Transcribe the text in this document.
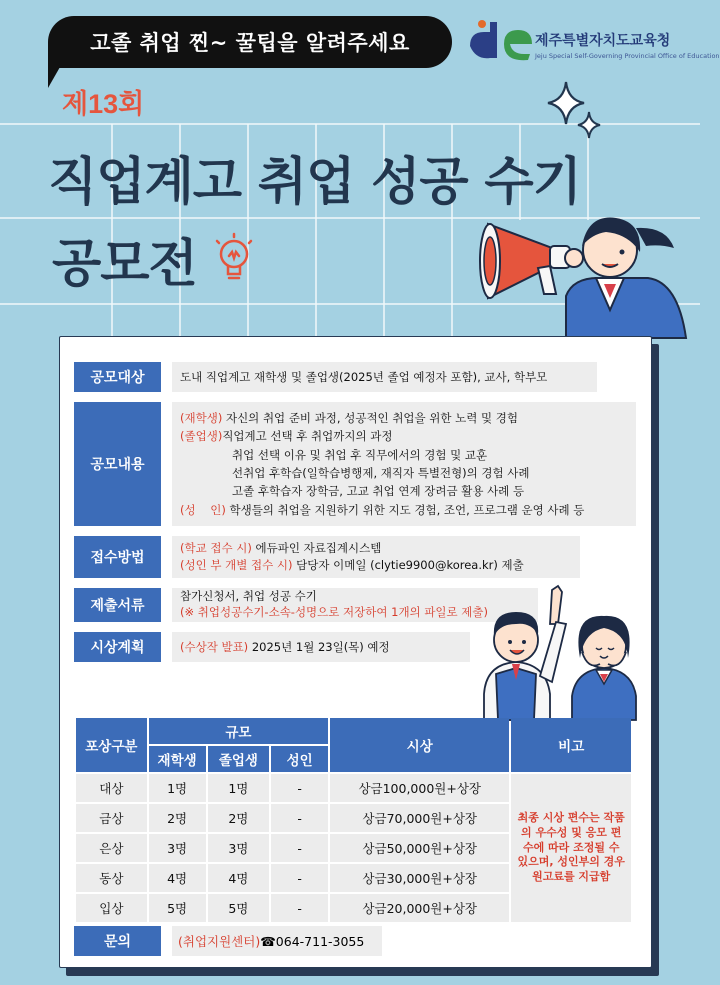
고졸 취업 찐~ 꿀팁을 알려주세요	제주특별자치도교육청
Jeju Special Self-Governing Provincial Office of Education
제13회
직업계고 취업 성공 수기
공모전
공모대상	도내 직업계고 재학생 및 졸업생(2025년 졸업 예정자 포함), 교사, 학부모
공모내용
(재학생) 자신의 취업 준비 과정, 성공적인 취업을 위한 노력 및 경험
(졸업생)직업계고 선택 후 취업까지의 과정
취업 선택 이유 및 취업 후 직무에서의 경험 및 교훈
선취업 후학습(일학습병행제, 재직자 특별전형)의 경험 사례
고졸 후학습자 장학금, 고교 취업 연계 장려금 활용 사례 등
(성    인) 학생들의 취업을 지원하기 위한 지도 경험, 조언, 프로그램 운영 사례 등
접수방법
(학교 접수 시) 에듀파인 자료집계시스템
(성인 부 개별 접수 시) 담당자 이메일 (clytie9900@korea.kr) 제출
제출서류
참가신청서, 취업 성공 수기
(※ 취업성공수기-소속-성명으로 저장하여 1개의 파일로 제출)
시상계획	(수상작 발표) 2025년 1월 23일(목) 예정
포상구분	규모			시상	비고
	재학생	졸업생	성인		
대상	1명	1명	-	상금100,000원+상장	최종 시상 편수는 작품의 우수성 및 응모 편수에 따라 조정될 수 있으며, 성인부의 경우 원고료를 지급함
금상	2명	2명	-	상금70,000원+상장	
은상	3명	3명	-	상금50,000원+상장	
동상	4명	4명	-	상금30,000원+상장	
입상	5명	5명	-	상금20,000원+상장	
문의	(취업지원센터) ☎064-711-3055
